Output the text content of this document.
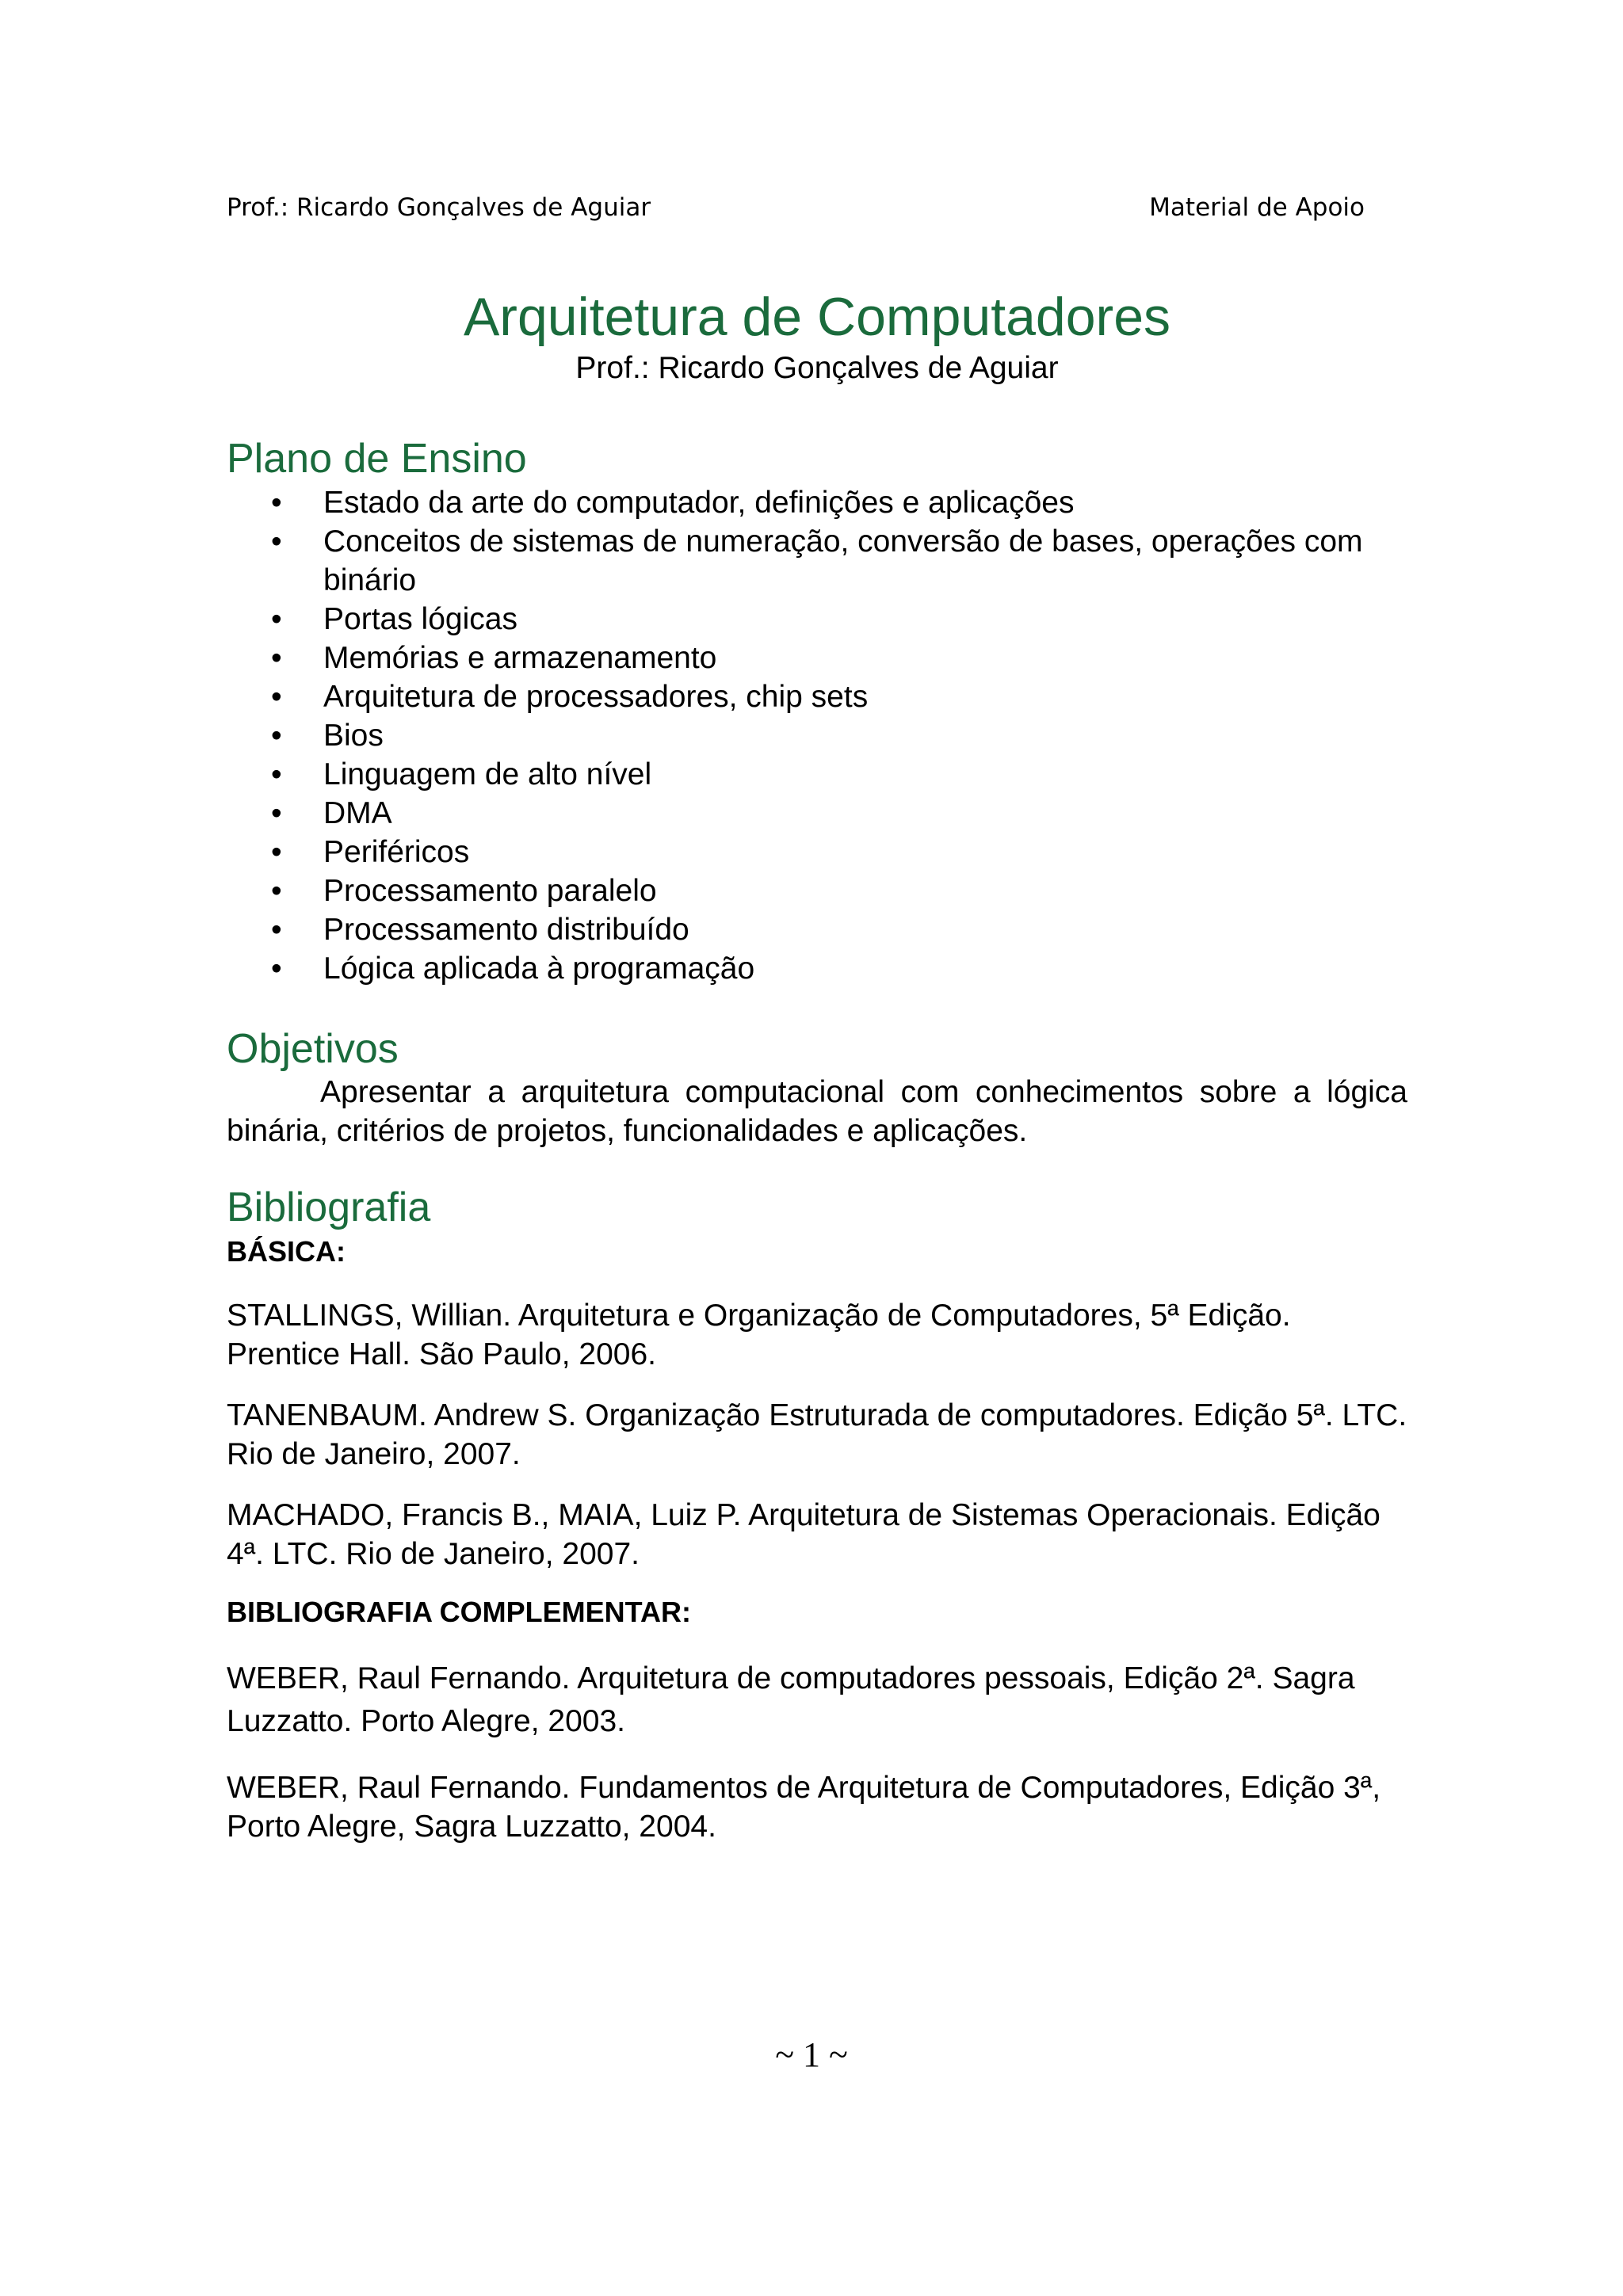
Prof.: Ricardo Gonçalves de Aguiar	Material de Apoio
Arquitetura de Computadores

Prof.: Ricardo Gonçalves de Aguiar

Plano de Ensino
• Estado da arte do computador, definições e aplicações
• Conceitos de sistemas de numeração, conversão de bases, operações com binário
• Portas lógicas
• Memórias e armazenamento
• Arquitetura de processadores, chip sets
• Bios
• Linguagem de alto nível
• DMA
• Periféricos
• Processamento paralelo
• Processamento distribuído
• Lógica aplicada à programação
Objetivos

Apresentar a arquitetura computacional com conhecimentos sobre a lógica binária, critérios de projetos, funcionalidades e aplicações.

Bibliografia
BÁSICA:

STALLINGS, Willian. Arquitetura e Organização de Computadores, 5ª Edição. Prentice Hall. São Paulo, 2006.

TANENBAUM. Andrew S. Organização Estruturada de computadores. Edição 5ª. LTC. Rio de Janeiro, 2007.

MACHADO, Francis B., MAIA, Luiz P. Arquitetura de Sistemas Operacionais. Edição 4ª. LTC. Rio de Janeiro, 2007.

BIBLIOGRAFIA COMPLEMENTAR:

WEBER, Raul Fernando. Arquitetura de computadores pessoais, Edição 2ª. Sagra Luzzatto. Porto Alegre, 2003.

WEBER, Raul Fernando. Fundamentos de Arquitetura de Computadores, Edição 3ª, Porto Alegre, Sagra Luzzatto, 2004.

~ 1 ~
